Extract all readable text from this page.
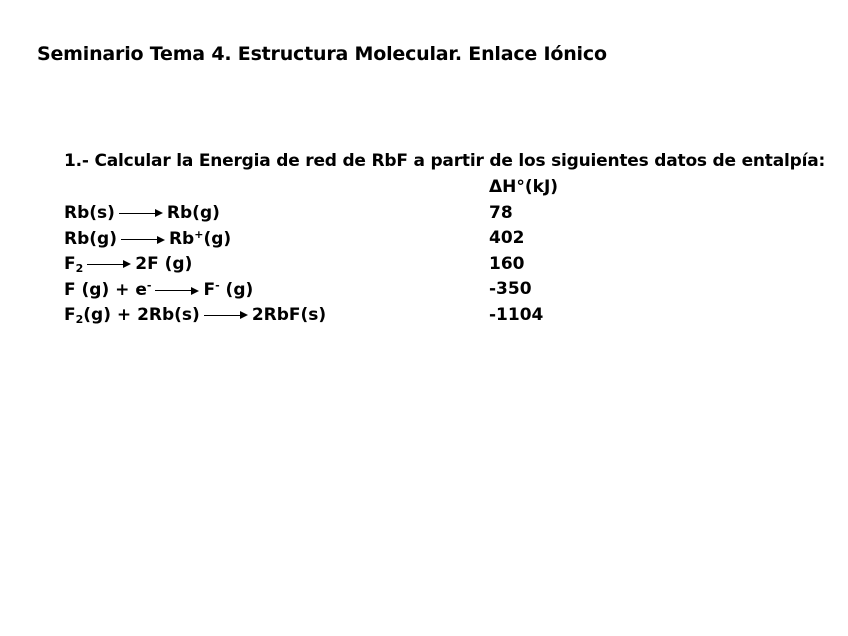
Seminario Tema 4. Estructura Molecular. Enlace Iónico
1.- Calcular la Energia de red de RbF a partir de los siguientes datos de entalpía:
ΔH°(kJ)
Rb(s)	Rb(g)	78
Rb(g)	Rb+(g)	402
$F_2$	2F (g)	160
F (g) + e-	F- (g)	-350
$F_2(g) + 2Rb(s)$	2RbF(s)	-1104
